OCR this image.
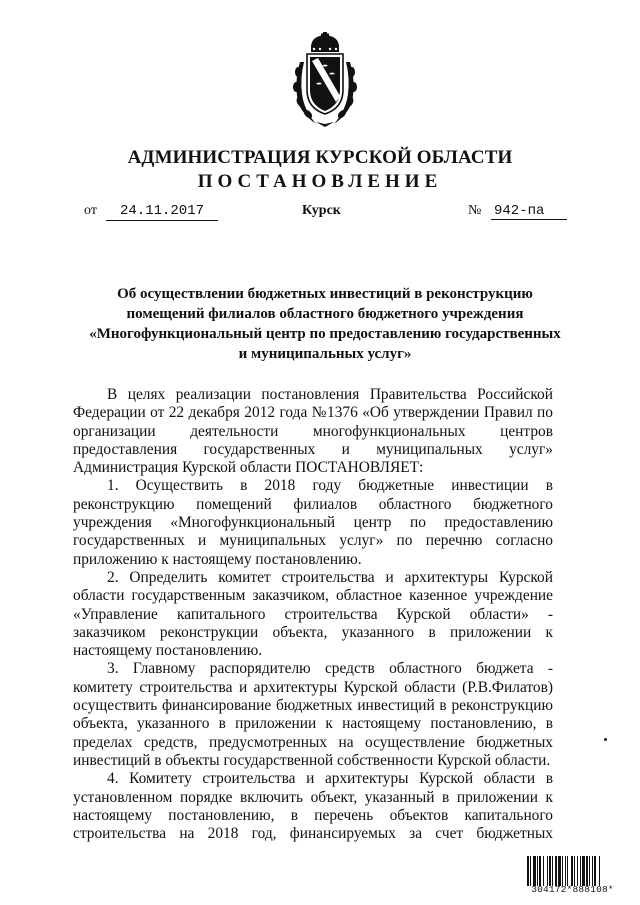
АДМИНИСТРАЦИЯ КУРСКОЙ ОБЛАСТИ
ПОСТАНОВЛЕНИЕ
от	24.11.2017	Курск	№ 942-па
Об осуществлении бюджетных инвестиций в реконструкцию
помещений филиалов областного бюджетного учреждения
«Многофункциональный центр по предоставлению государственных
и муниципальных услуг»

В целях реализации постановления Правительства Российской Федерации от 22 декабря 2012 года №1376 «Об утверждении Правил по организации деятельности многофункциональных центров предоставления государственных и муниципальных услуг» Администрация Курской области ПОСТАНОВЛЯЕТ:

1. Осуществить в 2018 году бюджетные инвестиции в реконструкцию помещений филиалов областного бюджетного учреждения «Многофункциональный центр по предоставлению государственных и муниципальных услуг» по перечню согласно приложению к настоящему постановлению.

2. Определить комитет строительства и архитектуры Курской области государственным заказчиком, областное казенное учреждение «Управление капитального строительства Курской области» - заказчиком реконструкции объекта, указанного в приложении к настоящему постановлению.

3. Главному распорядителю средств областного бюджета - комитету строительства и архитектуры Курской области (Р.В.Филатов) осуществить финансирование бюджетных инвестиций в реконструкцию объекта, указанного в приложении к настоящему постановлению, в пределах средств, предусмотренных на осуществление бюджетных инвестиций в объекты государственной собственности Курской области.

4. Комитету строительства и архитектуры Курской области в установленном порядке включить объект, указанный в приложении к настоящему постановлению, в перечень объектов капитального строительства на 2018 год, финансируемых за счет бюджетных

304172*888108*
